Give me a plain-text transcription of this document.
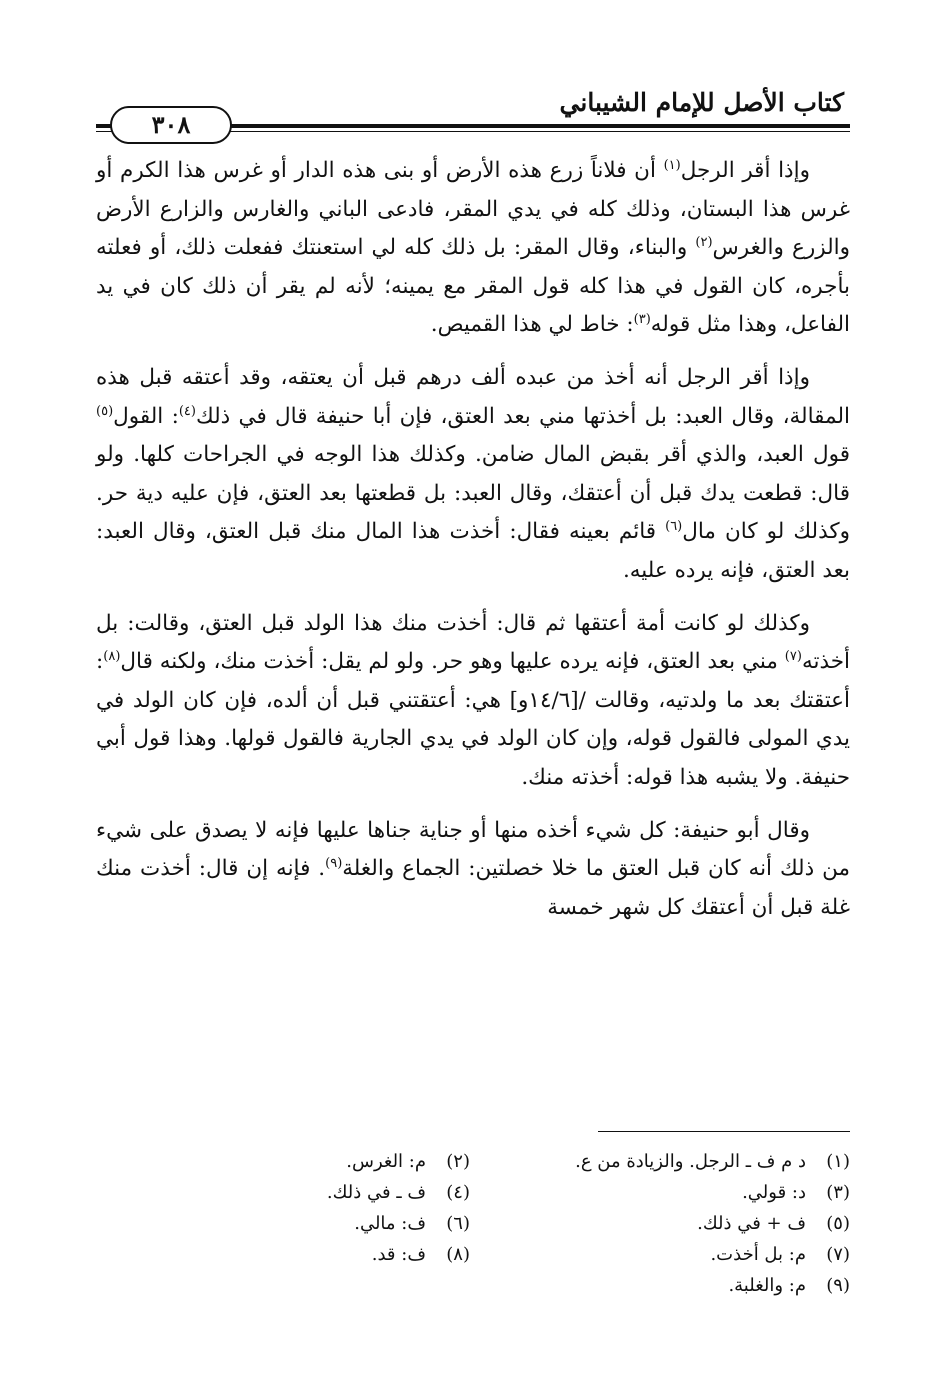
كتاب الأصل للإمام الشيباني
٣٠٨

وإذا أقر الرجل$^{(١)}$ أن فلاناً زرع هذه الأرض أو بنى هذه الدار أو غرس هذا الكرم أو غرس هذا البستان، وذلك كله في يدي المقر، فادعى الباني والغارس والزارع الأرض والزرع والغرس$^{(٢)}$ والبناء، وقال المقر: بل ذلك كله لي استعنتك ففعلت ذلك، أو فعلته بأجره، كان القول في هذا كله قول المقر مع يمينه؛ لأنه لم يقر أن ذلك كان في يد الفاعل، وهذا مثل قوله$^{(٣)}$: خاط لي هذا القميص.

وإذا أقر الرجل أنه أخذ من عبده ألف درهم قبل أن يعتقه، وقد أعتقه قبل هذه المقالة، وقال العبد: بل أخذتها مني بعد العتق، فإن أبا حنيفة قال في ذلك$^{(٤)}$: القول$^{(٥)}$ قول العبد، والذي أقر بقبض المال ضامن. وكذلك هذا الوجه في الجراحات كلها. ولو قال: قطعت يدك قبل أن أعتقك، وقال العبد: بل قطعتها بعد العتق، فإن عليه دية حر. وكذلك لو كان مال$^{(٦)}$ قائم بعينه فقال: أخذت هذا المال منك قبل العتق، وقال العبد: بعد العتق، فإنه يرده عليه.

وكذلك لو كانت أمة أعتقها ثم قال: أخذت منك هذا الولد قبل العتق، وقالت: بل أخذته$^{(٧)}$ مني بعد العتق، فإنه يرده عليها وهو حر. ولو لم يقل: أخذت منك، ولكنه قال$^{(٨)}$: أعتقتك بعد ما ولدتيه، وقالت /[١٤/٦و] هي: أعتقتني قبل أن ألده، فإن كان الولد في يدي المولى فالقول قوله، وإن كان الولد في يدي الجارية فالقول قولها. وهذا قول أبي حنيفة. ولا يشبه هذا قوله: أخذته منك.

وقال أبو حنيفة: كل شيء أخذه منها أو جناية جناها عليها فإنه لا يصدق على شيء من ذلك أنه كان قبل العتق ما خلا خصلتين: الجماع والغلة$^{(٩)}$. فإنه إن قال: أخذت منك غلة قبل أن أعتقك كل شهر خمسة

(١)د م ف ـ الرجل. والزيادة من ع.
(٣)د: قولي.
(٥)ف + في ذلك.
(٧)م: بل أخذت.
(٩)م: والغلبة.
(٢)م: الغرس.
(٤)ف ـ في ذلك.
(٦)ف: مالي.
(٨)ف: قد.
